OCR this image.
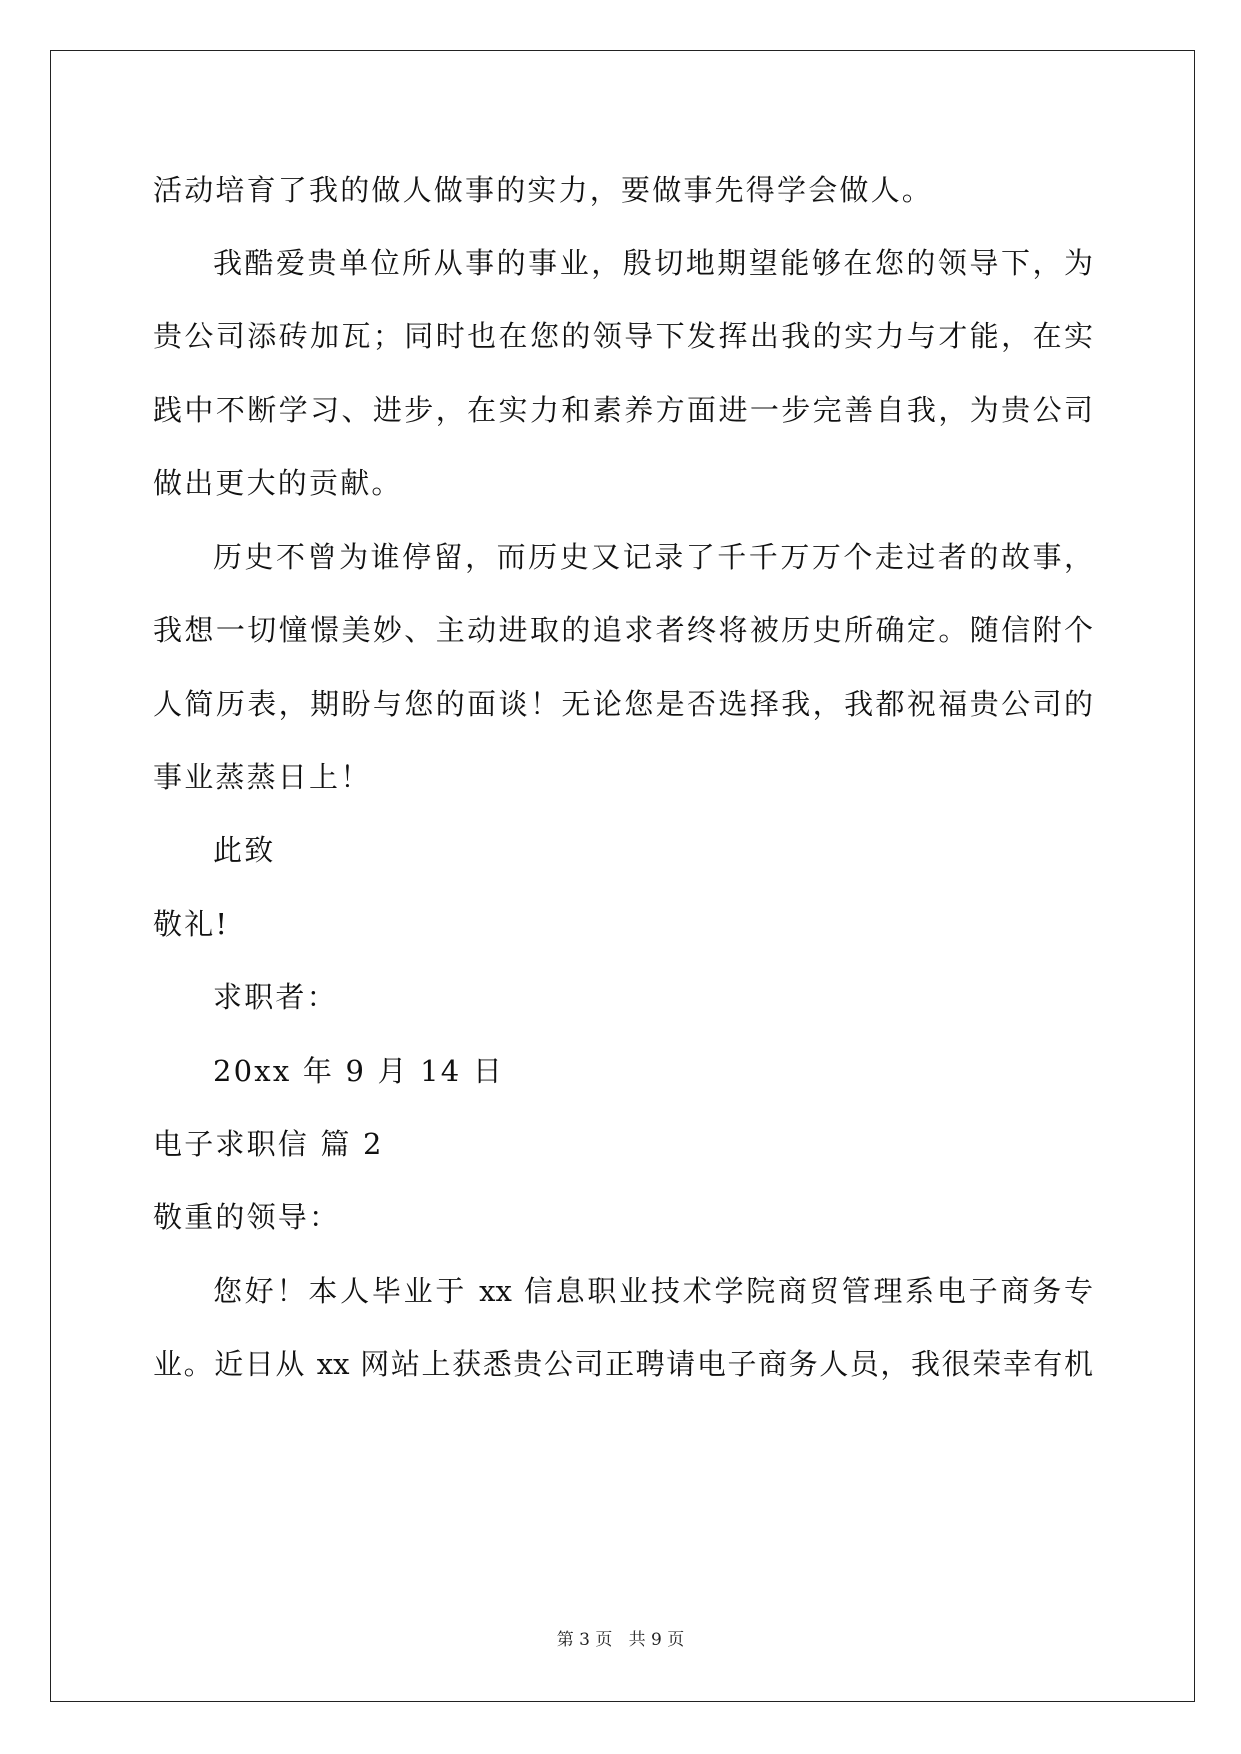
活动培育了我的做人做事的实力，要做事先得学会做人。
我酷爱贵单位所从事的事业，殷切地期望能够在您的领导下，为
贵公司添砖加瓦；同时也在您的领导下发挥出我的实力与才能，在实
践中不断学习、进步，在实力和素养方面进一步完善自我，为贵公司
做出更大的贡献。
历史不曾为谁停留，而历史又记录了千千万万个走过者的故事，
我想一切憧憬美妙、主动进取的追求者终将被历史所确定。随信附个
人简历表，期盼与您的面谈！无论您是否选择我，我都祝福贵公司的
事业蒸蒸日上！
此致
敬礼!
求职者：
20xx 年 9 月 14 日
电子求职信 篇 2
敬重的领导：
您好！本人毕业于 xx 信息职业技术学院商贸管理系电子商务专
业。近日从 xx 网站上获悉贵公司正聘请电子商务人员，我很荣幸有机
第 3 页   共 9 页
